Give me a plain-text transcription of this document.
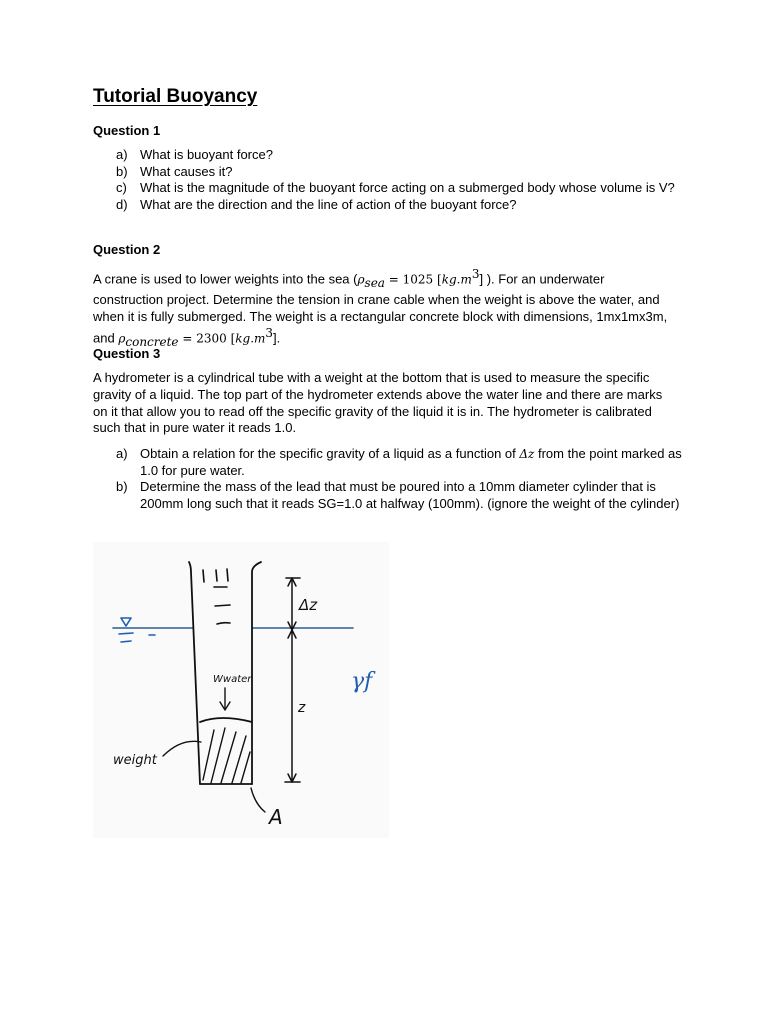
Tutorial Buoyancy
Question 1
a) What is buoyant force?
b) What causes it?
c) What is the magnitude of the buoyant force acting on a submerged body whose volume is V?
d) What are the direction and the line of action of the buoyant force?
Question 2

A crane is used to lower weights into the sea ($\rho_{sea} = 1025$ $[kg.m^3]$ ). For an underwater construction project. Determine the tension in crane cable when the weight is above the water, and when it is fully submerged. The weight is a rectangular concrete block with dimensions, 1mx1mx3m, and $\rho_{concrete} = 2300$ $[kg.m^3]$.

Question 3

A hydrometer is a cylindrical tube with a weight at the bottom that is used to measure the specific gravity of a liquid. The top part of the hydrometer extends above the water line and there are marks on it that allow you to read off the specific gravity of the liquid it is in. The hydrometer is calibrated such that in pure water it reads 1.0.

a) Obtain a relation for the specific gravity of a liquid as a function of Δz from the point marked as 1.0 for pure water.
b) Determine the mass of the lead that must be poured into a 10mm diameter cylinder that is 200mm long such that it reads SG=1.0 at halfway (100mm). (ignore the weight of the cylinder)
weight
Wwater
Δz
z
γf
A
